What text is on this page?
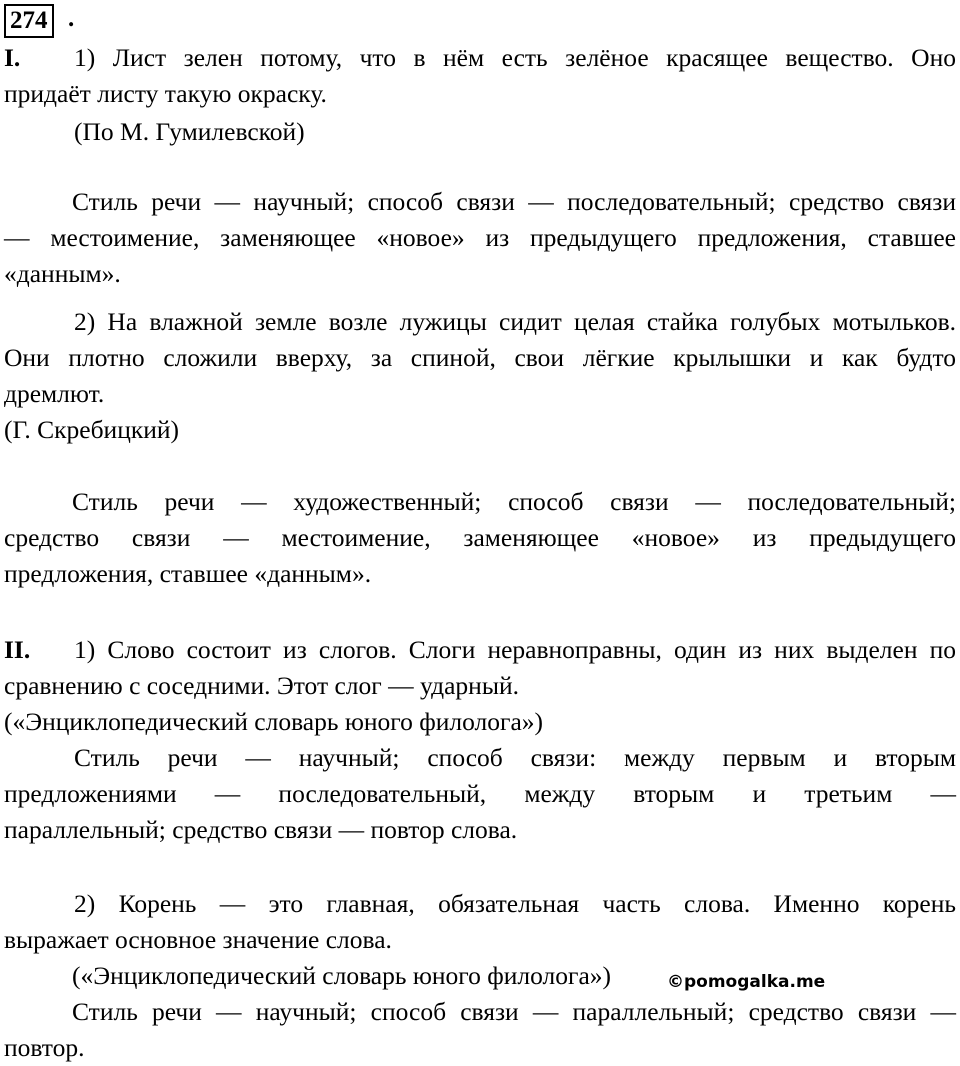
274 .
I. 1) Лист зелен потому, что в нём есть зелёное красящее вещество. Оно
придаёт листу такую окраску.
(По М. Гумилевской)
Стиль речи — научный; способ связи — последовательный; средство связи
— местоимение, заменяющее «новое» из предыдущего предложения, ставшее
«данным».
2) На влажной земле возле лужицы сидит целая стайка голубых мотыльков.
Они плотно сложили вверху, за спиной, свои лёгкие крылышки и как будто
дремлют.
(Г. Скребицкий)
Стиль речи — художественный; способ связи — последовательный;
средство связи — местоимение, заменяющее «новое» из предыдущего
предложения, ставшее «данным».
II. 1) Слово состоит из слогов. Слоги неравноправны, один из них выделен по
сравнению с соседними. Этот слог — ударный.
(«Энциклопедический словарь юного филолога»)
Стиль речи — научный; способ связи: между первым и вторым
предложениями — последовательный, между вторым и третьим —
параллельный; средство связи — повтор слова.
2) Корень — это главная, обязательная часть слова. Именно корень
выражает основное значение слова.
(«Энциклопедический словарь юного филолога»)
Стиль речи — научный; способ связи — параллельный; средство связи —
повтор.
©pomogalka.me
